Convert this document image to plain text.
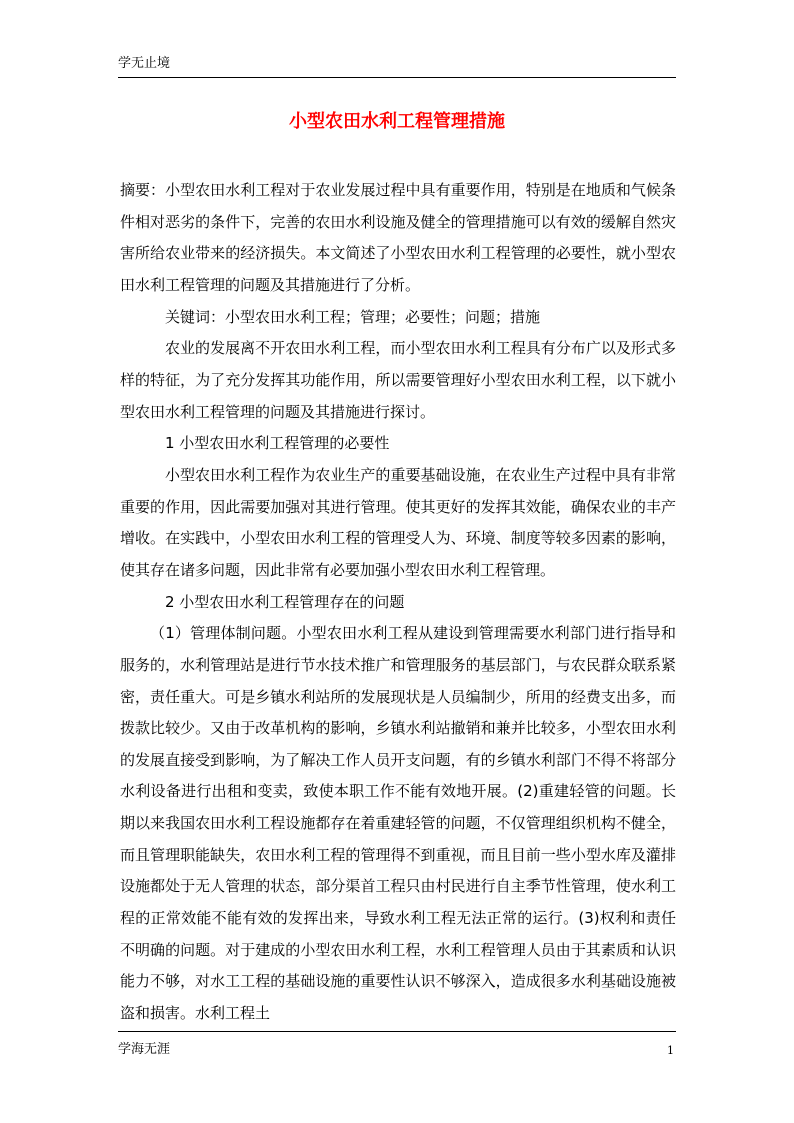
学无止境
小型农田水利工程管理措施

摘要：小型农田水利工程对于农业发展过程中具有重要作用，特别是在地质和气候条件相对恶劣的条件下，完善的农田水利设施及健全的管理措施可以有效的缓解自然灾害所给农业带来的经济损失。本文简述了小型农田水利工程管理的必要性，就小型农田水利工程管理的问题及其措施进行了分析。

关键词：小型农田水利工程；管理；必要性；问题；措施

农业的发展离不开农田水利工程，而小型农田水利工程具有分布广以及形式多样的特征，为了充分发挥其功能作用，所以需要管理好小型农田水利工程，以下就小型农田水利工程管理的问题及其措施进行探讨。

1 小型农田水利工程管理的必要性

小型农田水利工程作为农业生产的重要基础设施，在农业生产过程中具有非常重要的作用，因此需要加强对其进行管理。使其更好的发挥其效能，确保农业的丰产增收。在实践中，小型农田水利工程的管理受人为、环境、制度等较多因素的影响，使其存在诸多问题，因此非常有必要加强小型农田水利工程管理。

2 小型农田水利工程管理存在的问题

（1）管理体制问题。小型农田水利工程从建设到管理需要水利部门进行指导和服务的，水利管理站是进行节水技术推广和管理服务的基层部门，与农民群众联系紧密，责任重大。可是乡镇水利站所的发展现状是人员编制少，所用的经费支出多，而拨款比较少。又由于改革机构的影响，乡镇水利站撤销和兼并比较多，小型农田水利的发展直接受到影响，为了解决工作人员开支问题，有的乡镇水利部门不得不将部分水利设备进行出租和变卖，致使本职工作不能有效地开展。(2)重建轻管的问题。长期以来我国农田水利工程设施都存在着重建轻管的问题，不仅管理组织机构不健全，而且管理职能缺失，农田水利工程的管理得不到重视，而且目前一些小型水库及灌排设施都处于无人管理的状态，部分渠首工程只由村民进行自主季节性管理，使水利工程的正常效能不能有效的发挥出来，导致水利工程无法正常的运行。(3)权利和责任不明确的问题。对于建成的小型农田水利工程，水利工程管理人员由于其素质和认识能力不够，对水工工程的基础设施的重要性认识不够深入，造成很多水利基础设施被盗和损害。水利工程土

学海无涯	1
